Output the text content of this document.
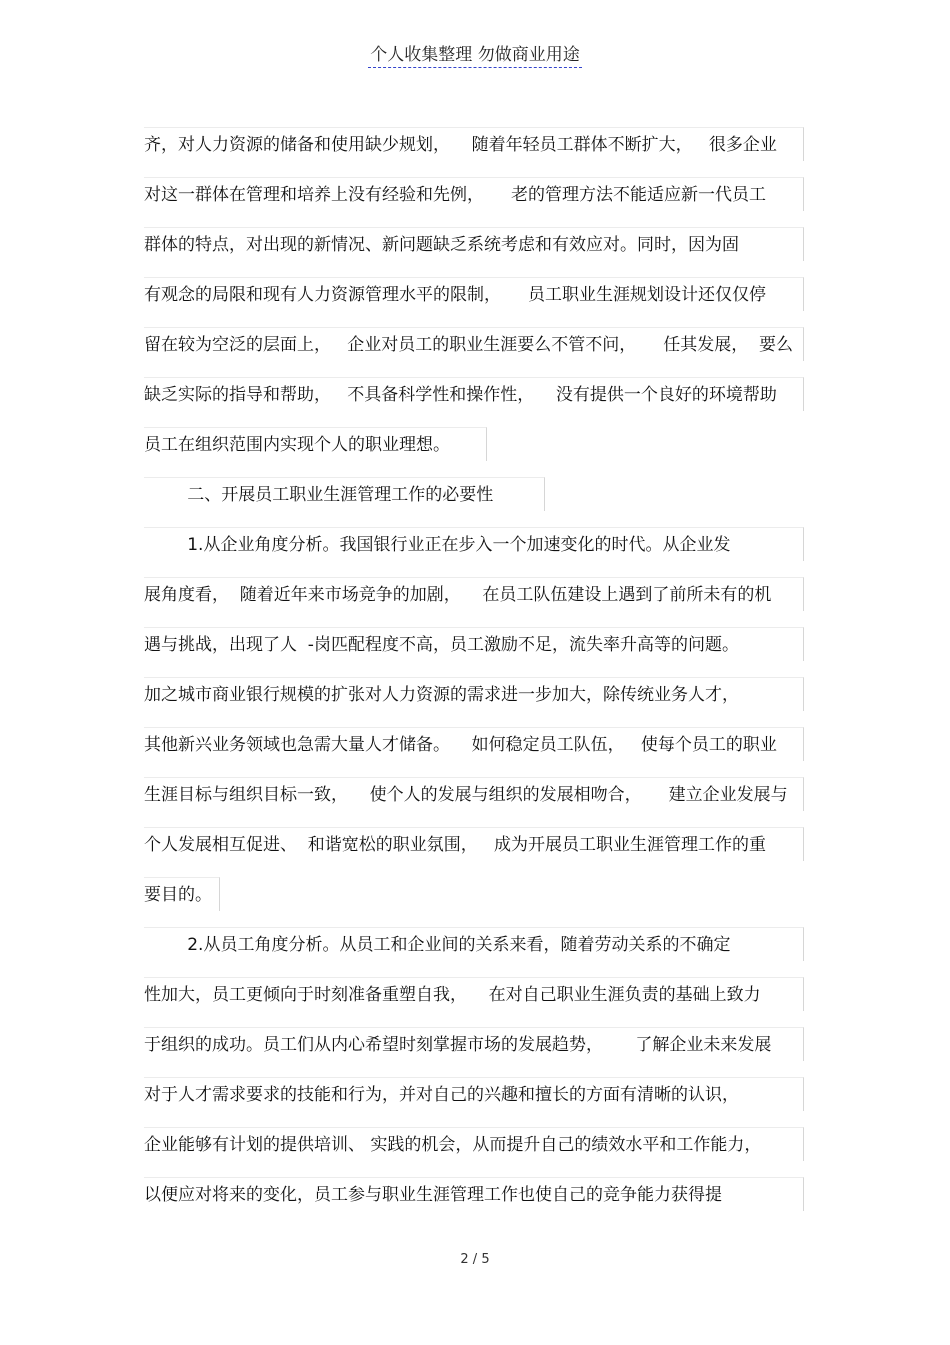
个人收集整理 勿做商业用途
齐，对人力资源的储备和使用缺少规划，    随着年轻员工群体不断扩大，   很多企业
对这一群体在管理和培养上没有经验和先例，     老的管理方法不能适应新一代员工
群体的特点，对出现的新情况、新问题缺乏系统考虑和有效应对。同时，因为固
有观念的局限和现有人力资源管理水平的限制，     员工职业生涯规划设计还仅仅停
留在较为空泛的层面上，   企业对员工的职业生涯要么不管不问，     任其发展，  要么
缺乏实际的指导和帮助，   不具备科学性和操作性，    没有提供一个良好的环境帮助
员工在组织范围内实现个人的职业理想。
二、开展员工职业生涯管理工作的必要性
1.从企业角度分析。我国银行业正在步入一个加速变化的时代。从企业发
展角度看，  随着近年来市场竞争的加剧，    在员工队伍建设上遇到了前所未有的机
遇与挑战，出现了人  -岗匹配程度不高，员工激励不足，流失率升高等的问题。
加之城市商业银行规模的扩张对人力资源的需求进一步加大，除传统业务人才，
其他新兴业务领域也急需大量人才储备。    如何稳定员工队伍，   使每个员工的职业
生涯目标与组织目标一致，    使个人的发展与组织的发展相吻合，     建立企业发展与
个人发展相互促进、  和谐宽松的职业氛围，   成为开展员工职业生涯管理工作的重
要目的。
2.从员工角度分析。从员工和企业间的关系来看，随着劳动关系的不确定
性加大，员工更倾向于时刻准备重塑自我，    在对自己职业生涯负责的基础上致力
于组织的成功。员工们从内心希望时刻掌握市场的发展趋势，      了解企业未来发展
对于人才需求要求的技能和行为，并对自己的兴趣和擅长的方面有清晰的认识，
企业能够有计划的提供培训、 实践的机会，从而提升自己的绩效水平和工作能力，
以便应对将来的变化，员工参与职业生涯管理工作也使自己的竞争能力获得提
2 / 5
